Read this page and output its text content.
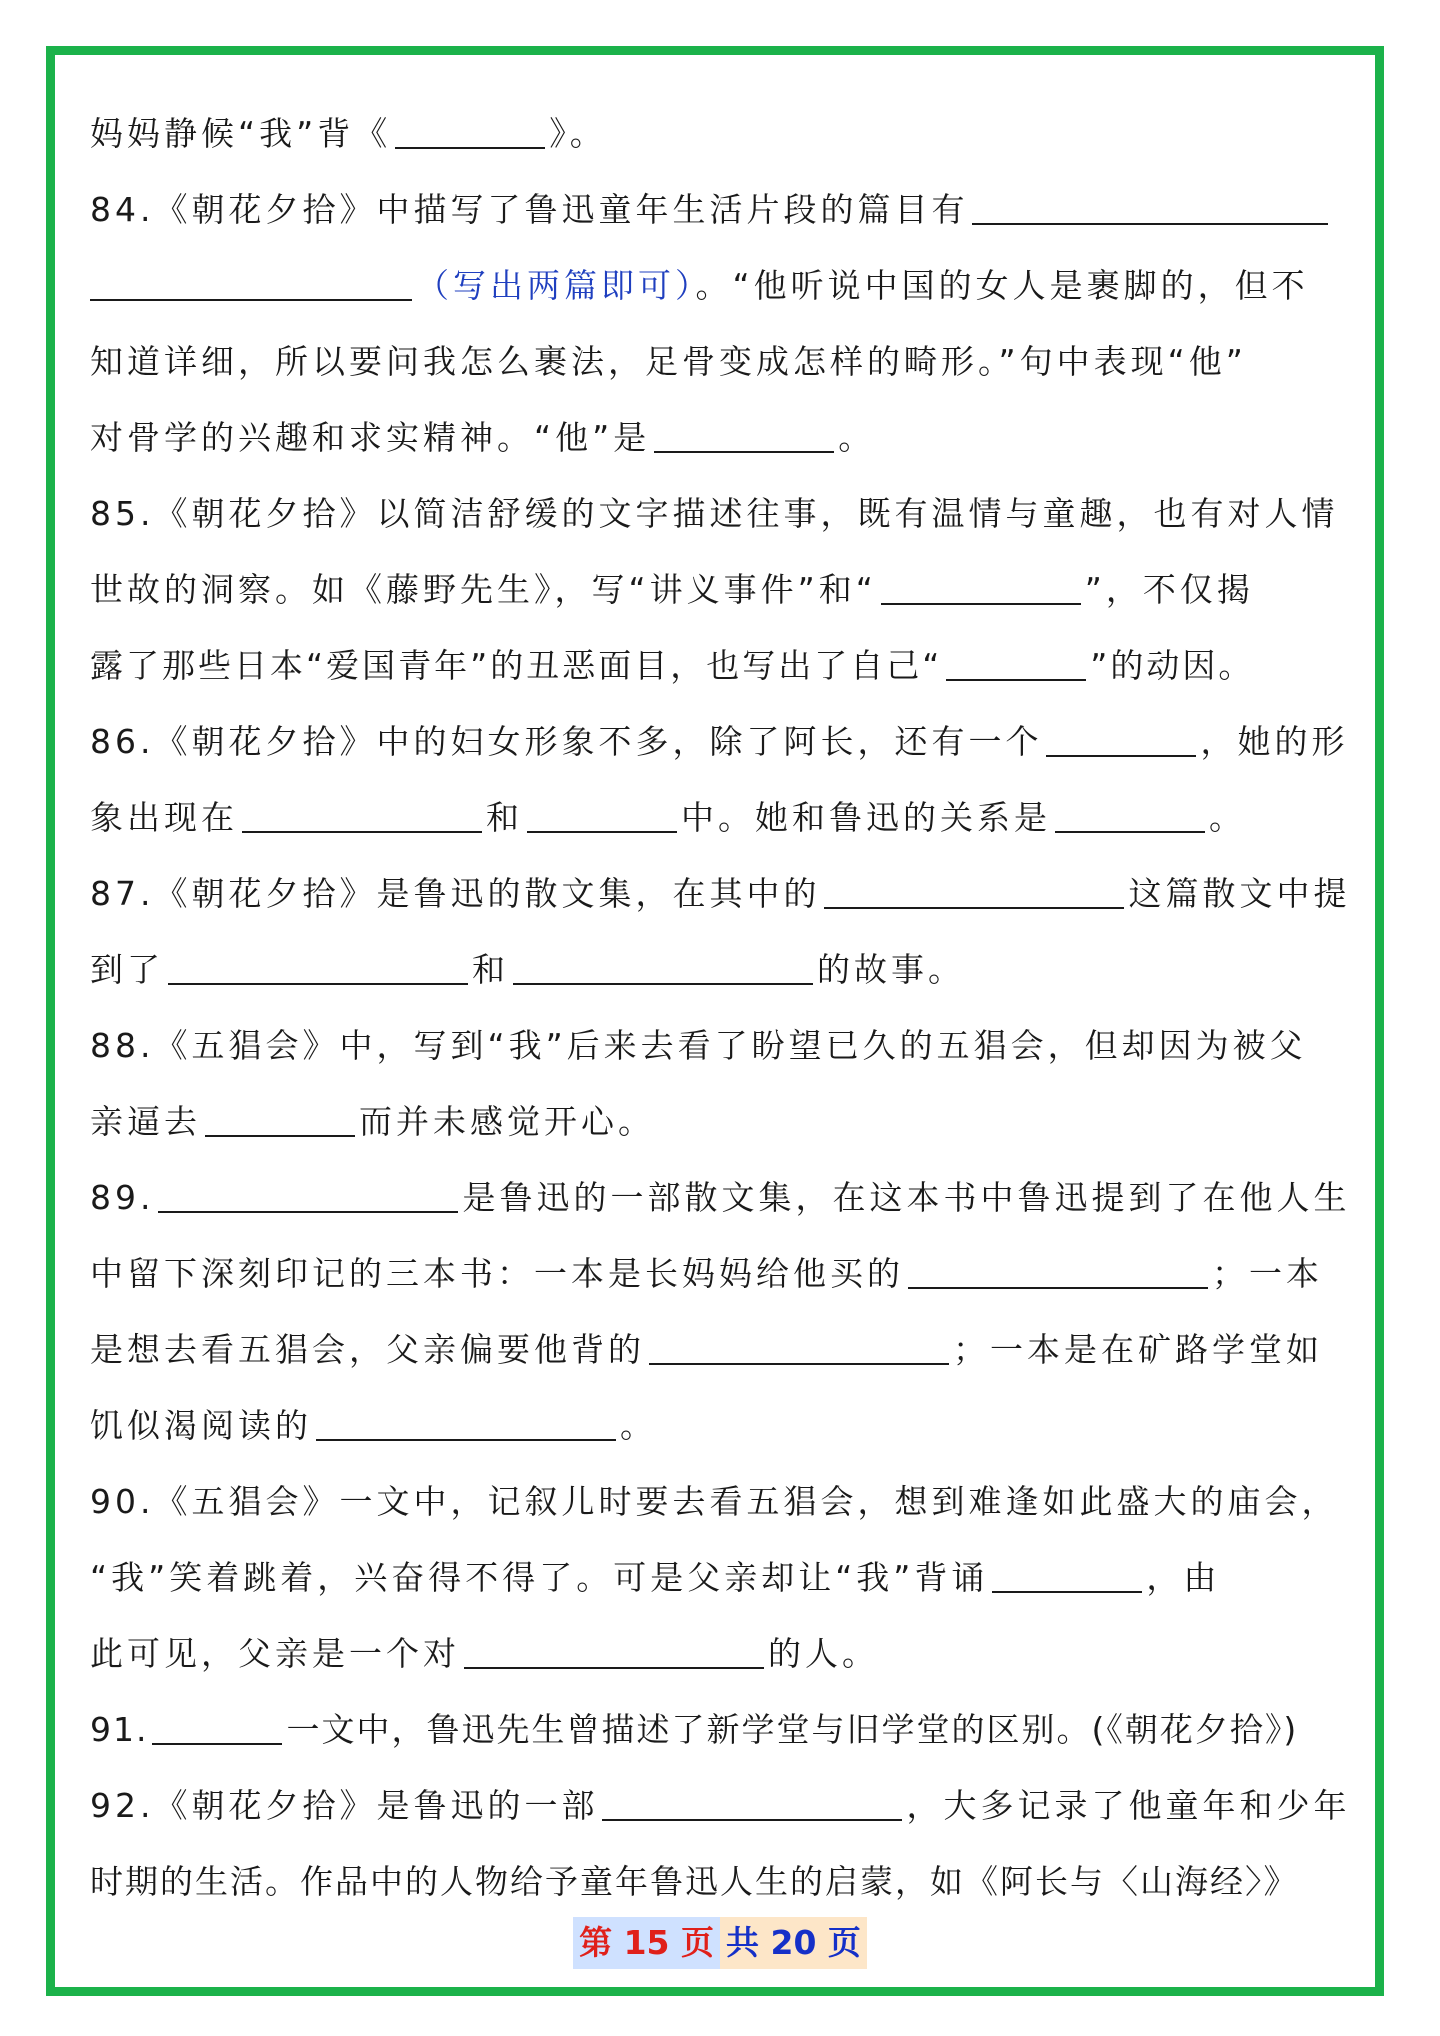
妈妈静候“我”背《	》。
84.《朝花夕拾》中描写了鲁迅童年生活片段的篇目有
（写出两篇即可）。“他听说中国的女人是裹脚的，但不
知道详细，所以要问我怎么裹法，足骨变成怎样的畸形。”句中表现“他”
对骨学的兴趣和求实精神。“他”是	。
85.《朝花夕拾》以简洁舒缓的文字描述往事，既有温情与童趣，也有对人情
世故的洞察。如《藤野先生》，写“讲义事件”和“	”，不仅揭
露了那些日本“爱国青年”的丑恶面目，也写出了自己“	”的动因。
86.《朝花夕拾》中的妇女形象不多，除了阿长，还有一个	，她的形
象出现在	和	中。她和鲁迅的关系是	。
87.《朝花夕拾》是鲁迅的散文集，在其中的	这篇散文中提
到了	和	的故事。
88.《五猖会》中，写到“我”后来去看了盼望已久的五猖会，但却因为被父
亲逼去	而并未感觉开心。
89.	是鲁迅的一部散文集，在这本书中鲁迅提到了在他人生
中留下深刻印记的三本书：一本是长妈妈给他买的	；一本
是想去看五猖会，父亲偏要他背的	；一本是在矿路学堂如
饥似渴阅读的	。
90.《五猖会》一文中，记叙儿时要去看五猖会，想到难逢如此盛大的庙会，
“我”笑着跳着，兴奋得不得了。可是父亲却让“我”背诵	，由
此可见，父亲是一个对	的人。
91.	一文中，鲁迅先生曾描述了新学堂与旧学堂的区别。(《朝花夕拾》)
92.《朝花夕拾》是鲁迅的一部	，大多记录了他童年和少年
时期的生活。作品中的人物给予童年鲁迅人生的启蒙，如《阿长与〈山海经〉》
第 15 页 共 20 页
